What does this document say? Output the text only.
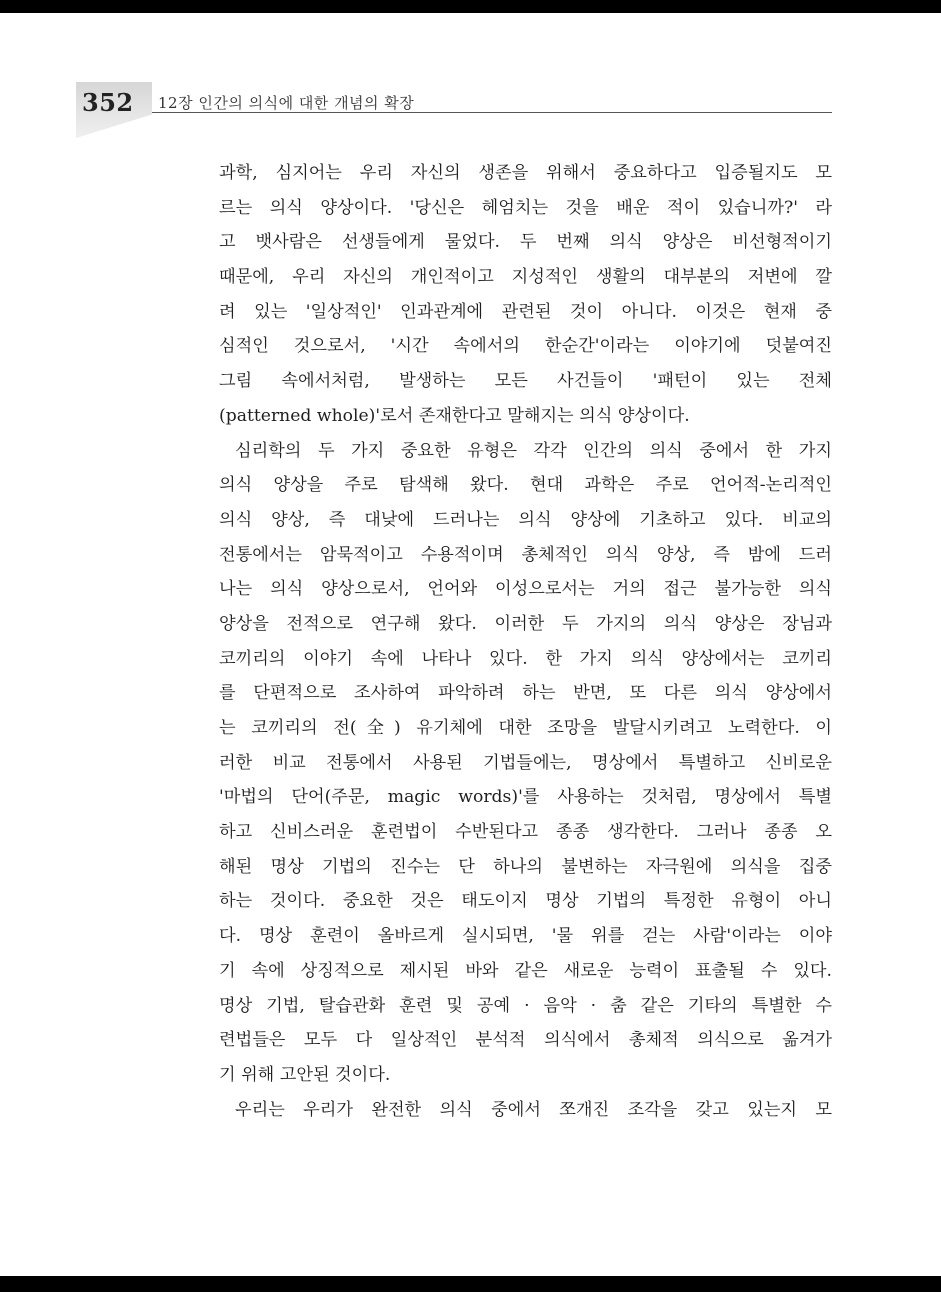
352 12장 인간의 의식에 대한 개념의 확장
과학, 심지어는 우리 자신의 생존을 위해서 중요하다고 입증될지도 모
르는 의식 양상이다. '당신은 헤엄치는 것을 배운 적이 있습니까?' 라
고 뱃사람은 선생들에게 물었다. 두 번째 의식 양상은 비선형적이기
때문에, 우리 자신의 개인적이고 지성적인 생활의 대부분의 저변에 깔
려 있는 '일상적인' 인과관계에 관련된 것이 아니다. 이것은 현재 중
심적인 것으로서, '시간 속에서의 한순간'이라는 이야기에 덧붙여진
그림 속에서처럼, 발생하는 모든 사건들이 '패턴이 있는 전체
(patterned whole)'로서 존재한다고 말해지는 의식 양상이다.
심리학의 두 가지 중요한 유형은 각각 인간의 의식 중에서 한 가지
의식 양상을 주로 탐색해 왔다. 현대 과학은 주로 언어적-논리적인
의식 양상, 즉 대낮에 드러나는 의식 양상에 기초하고 있다. 비교의
전통에서는 암묵적이고 수용적이며 총체적인 의식 양상, 즉 밤에 드러
나는 의식 양상으로서, 언어와 이성으로서는 거의 접근 불가능한 의식
양상을 전적으로 연구해 왔다. 이러한 두 가지의 의식 양상은 장님과
코끼리의 이야기 속에 나타나 있다. 한 가지 의식 양상에서는 코끼리
를 단편적으로 조사하여 파악하려 하는 반면, 또 다른 의식 양상에서
는 코끼리의 전(全) 유기체에 대한 조망을 발달시키려고 노력한다. 이
러한 비교 전통에서 사용된 기법들에는, 명상에서 특별하고 신비로운
'마법의 단어(주문, magic words)'를 사용하는 것처럼, 명상에서 특별
하고 신비스러운 훈련법이 수반된다고 종종 생각한다. 그러나 종종 오
해된 명상 기법의 진수는 단 하나의 불변하는 자극원에 의식을 집중
하는 것이다. 중요한 것은 태도이지 명상 기법의 특정한 유형이 아니
다. 명상 훈련이 올바르게 실시되면, '물 위를 걷는 사람'이라는 이야
기 속에 상징적으로 제시된 바와 같은 새로운 능력이 표출될 수 있다.
명상 기법, 탈습관화 훈련 및 공예 · 음악 · 춤 같은 기타의 특별한 수
련법들은 모두 다 일상적인 분석적 의식에서 총체적 의식으로 옮겨가
기 위해 고안된 것이다.
우리는 우리가 완전한 의식 중에서 쪼개진 조각을 갖고 있는지 모
